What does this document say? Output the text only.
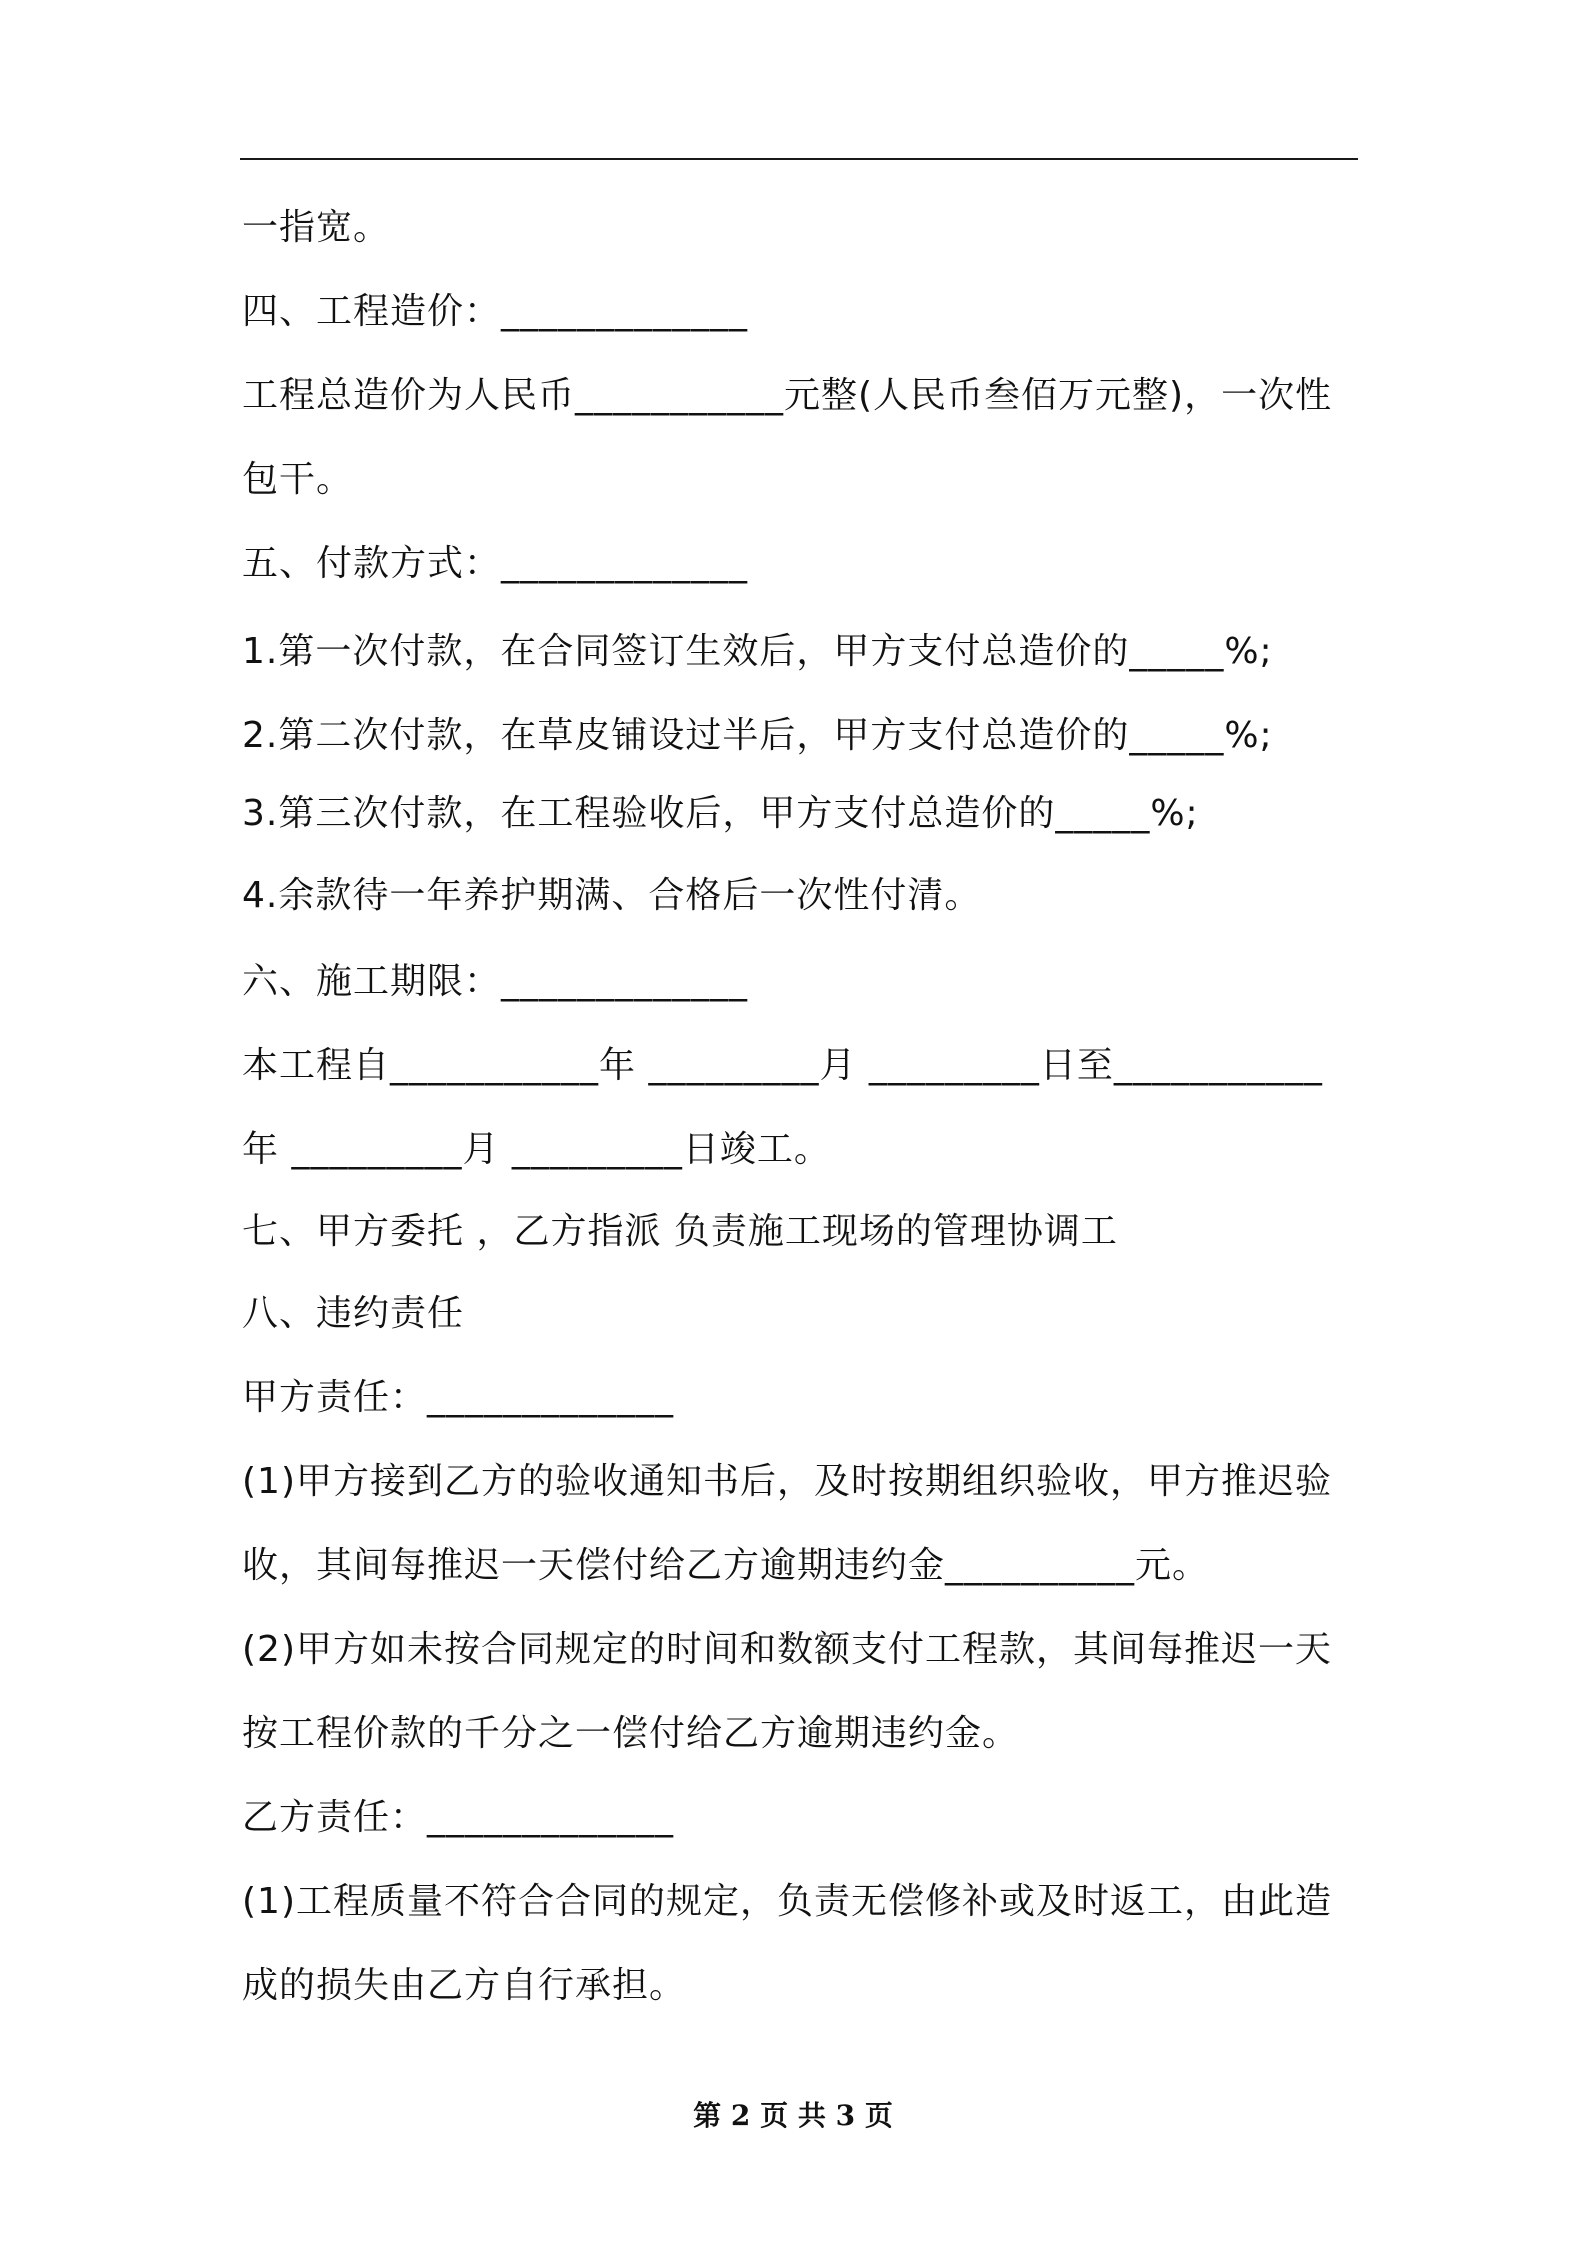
一指宽。
四、工程造价：_____________
工程总造价为人民币___________元整(人民币叁佰万元整)，一次性
包干。
五、付款方式：_____________
1.第一次付款，在合同签订生效后，甲方支付总造价的_____%;
2.第二次付款，在草皮铺设过半后，甲方支付总造价的_____%;
3.第三次付款，在工程验收后，甲方支付总造价的_____%;
4.余款待一年养护期满、合格后一次性付清。
六、施工期限：_____________
本工程自___________年 _________月 _________日至___________
年 _________月 _________日竣工。
七、甲方委托 ，乙方指派 负责施工现场的管理协调工
八、违约责任
甲方责任：_____________
(1)甲方接到乙方的验收通知书后，及时按期组织验收，甲方推迟验
收，其间每推迟一天偿付给乙方逾期违约金__________元。
(2)甲方如未按合同规定的时间和数额支付工程款，其间每推迟一天
按工程价款的千分之一偿付给乙方逾期违约金。
乙方责任：_____________
(1)工程质量不符合合同的规定，负责无偿修补或及时返工，由此造
成的损失由乙方自行承担。
第 2 页 共 3 页
